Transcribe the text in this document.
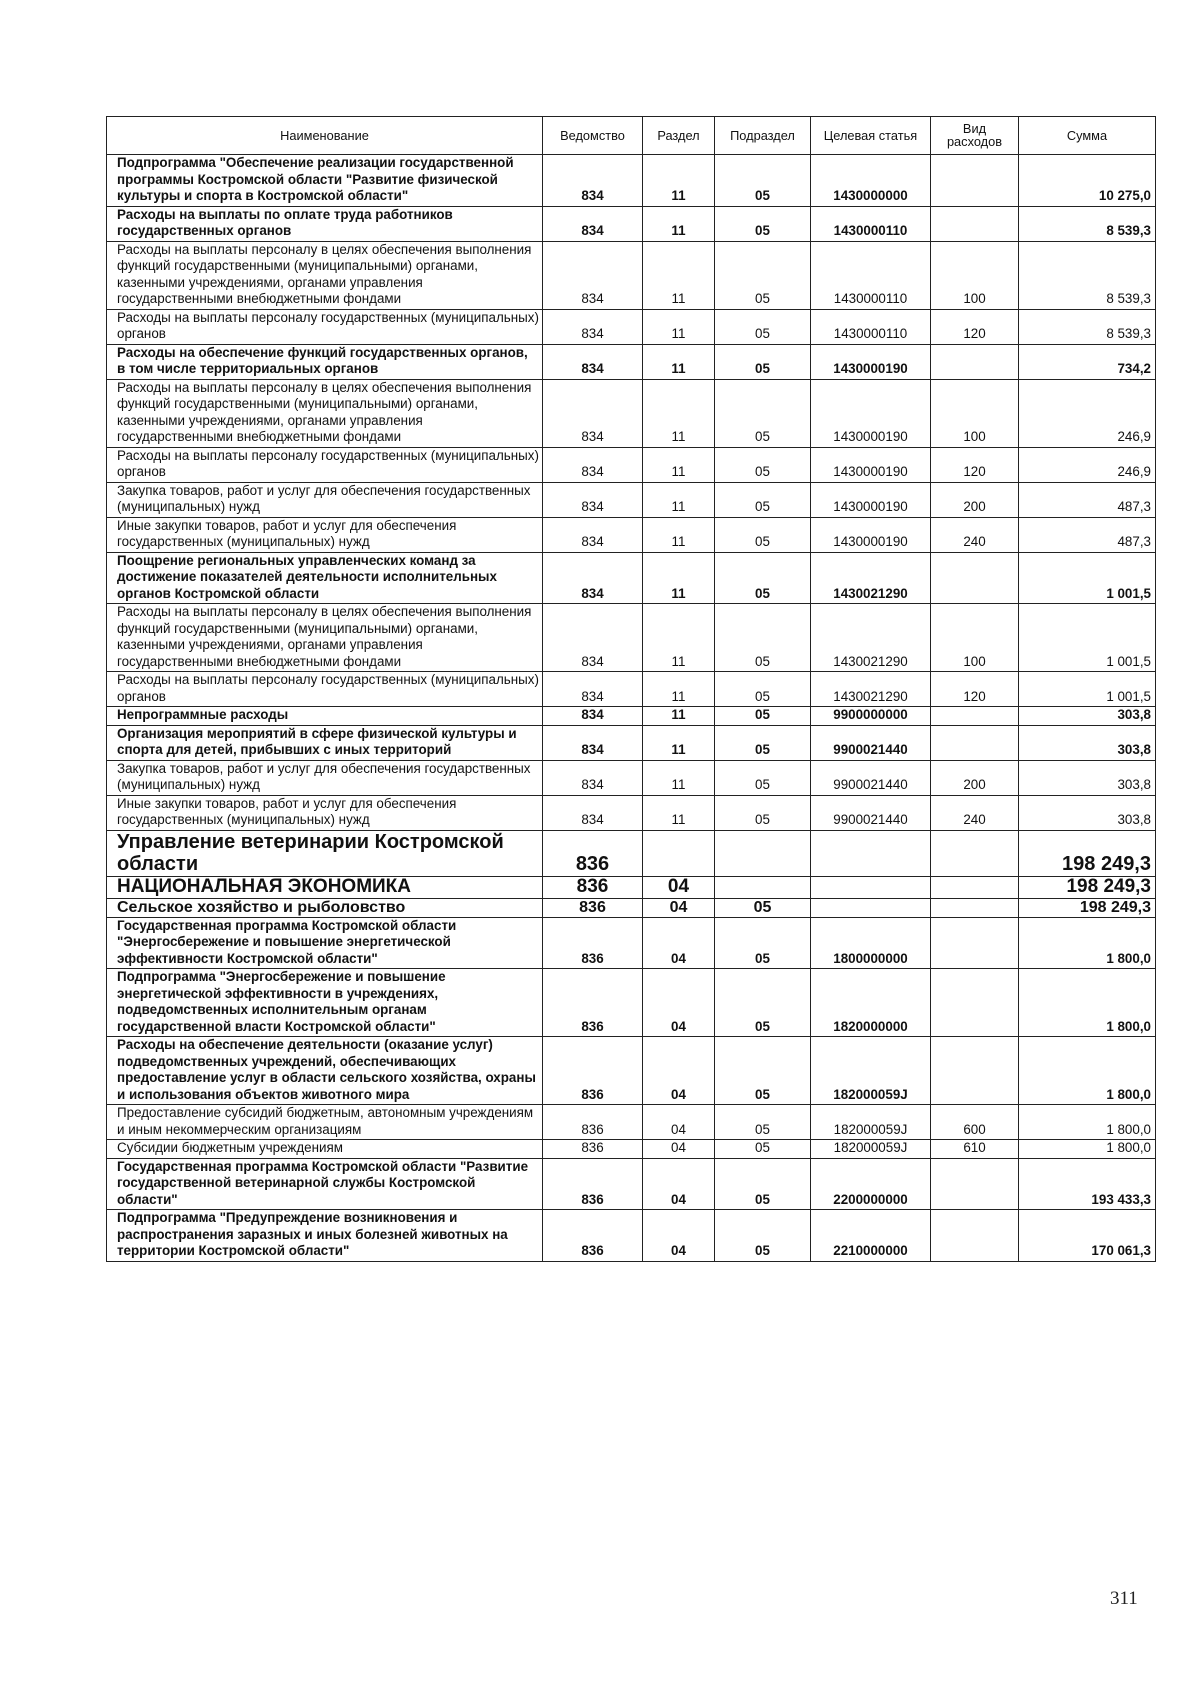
Наименование	Ведомство	Раздел	Подраздел	Целевая статья	Вид расходов	Сумма
Подпрограмма "Обеспечение реализации государственной программы Костромской области "Развитие физической культуры и спорта в Костромской области"	834	11	05	1430000000		10 275,0
Расходы на выплаты по оплате труда работников государственных органов	834	11	05	1430000110		8 539,3
Расходы на выплаты персоналу в целях обеспечения выполнения функций государственными (муниципальными) органами, казенными учреждениями, органами управления государственными внебюджетными фондами	834	11	05	1430000110	100	8 539,3
Расходы на выплаты персоналу государственных (муниципальных) органов	834	11	05	1430000110	120	8 539,3
Расходы на обеспечение функций государственных органов, в том числе территориальных органов	834	11	05	1430000190		734,2
Расходы на выплаты персоналу в целях обеспечения выполнения функций государственными (муниципальными) органами, казенными учреждениями, органами управления государственными внебюджетными фондами	834	11	05	1430000190	100	246,9
Расходы на выплаты персоналу государственных (муниципальных) органов	834	11	05	1430000190	120	246,9
Закупка товаров, работ и услуг для обеспечения государственных (муниципальных) нужд	834	11	05	1430000190	200	487,3
Иные закупки товаров, работ и услуг для обеспечения государственных (муниципальных) нужд	834	11	05	1430000190	240	487,3
Поощрение региональных управленческих команд за достижение показателей деятельности исполнительных органов Костромской области	834	11	05	1430021290		1 001,5
Расходы на выплаты персоналу в целях обеспечения выполнения функций государственными (муниципальными) органами, казенными учреждениями, органами управления государственными внебюджетными фондами	834	11	05	1430021290	100	1 001,5
Расходы на выплаты персоналу государственных (муниципальных) органов	834	11	05	1430021290	120	1 001,5
Непрограммные расходы	834	11	05	9900000000		303,8
Организация мероприятий в сфере физической культуры и спорта для детей, прибывших с иных территорий	834	11	05	9900021440		303,8
Закупка товаров, работ и услуг для обеспечения государственных (муниципальных) нужд	834	11	05	9900021440	200	303,8
Иные закупки товаров, работ и услуг для обеспечения государственных (муниципальных) нужд	834	11	05	9900021440	240	303,8
Управление ветеринарии Костромской области	836					198 249,3
НАЦИОНАЛЬНАЯ ЭКОНОМИКА	836	04				198 249,3
Сельское хозяйство и рыболовство	836	04	05			198 249,3
Государственная программа Костромской области "Энергосбережение и повышение энергетической эффективности Костромской области"	836	04	05	1800000000		1 800,0
Подпрограмма "Энергосбережение и повышение энергетической эффективности в учреждениях, подведомственных исполнительным органам государственной власти Костромской области"	836	04	05	1820000000		1 800,0
Расходы на обеспечение деятельности (оказание услуг) подведомственных учреждений, обеспечивающих предоставление услуг в области сельского хозяйства, охраны и использования объектов животного мира	836	04	05	182000059J		1 800,0
Предоставление субсидий бюджетным, автономным учреждениям и иным некоммерческим организациям	836	04	05	182000059J	600	1 800,0
Субсидии бюджетным учреждениям	836	04	05	182000059J	610	1 800,0
Государственная программа Костромской области "Развитие государственной ветеринарной службы Костромской области"	836	04	05	2200000000		193 433,3
Подпрограмма "Предупреждение возникновения и распространения заразных и иных болезней животных на территории Костромской области"	836	04	05	2210000000		170 061,3
311
